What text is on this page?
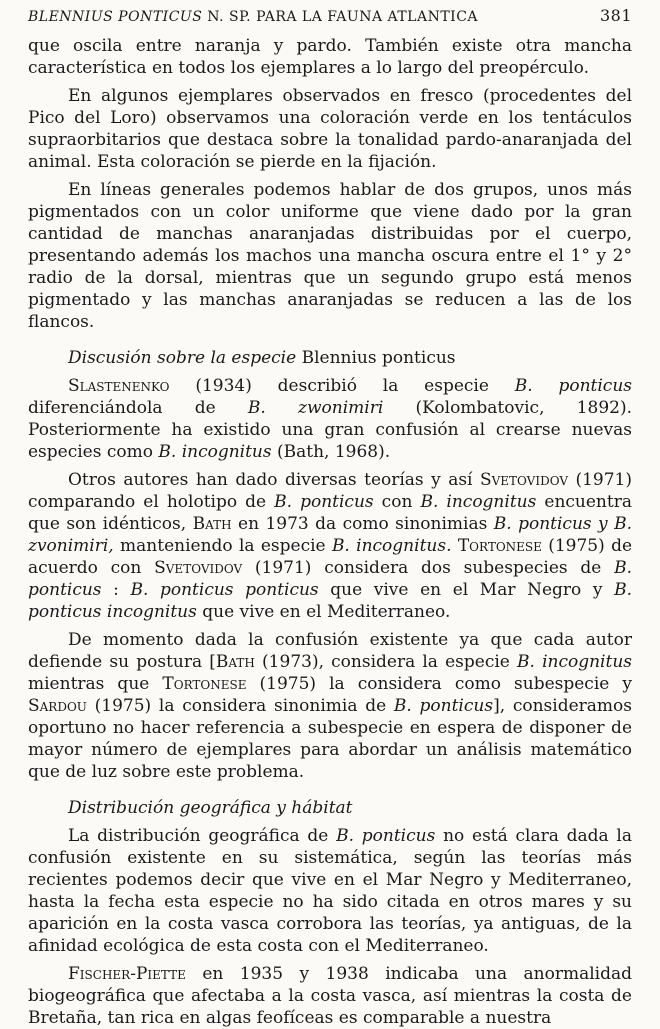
BLENNIUS PONTICUS N. SP. PARA LA FAUNA ATLANTICA	381

que oscila entre naranja y pardo. También existe otra mancha característica en todos los ejemplares a lo largo del preopérculo.

En algunos ejemplares observados en fresco (procedentes del Pico del Loro) observamos una coloración verde en los tentáculos supraorbitarios que destaca sobre la tonalidad pardo-anaranjada del animal. Esta coloración se pierde en la fijación.

En líneas generales podemos hablar de dos grupos, unos más pigmentados con un color uniforme que viene dado por la gran cantidad de manchas anaranjadas distribuidas por el cuerpo, presentando además los machos una mancha oscura entre el 1° y 2° radio de la dorsal, mientras que un segundo grupo está menos pigmentado y las manchas anaranjadas se reducen a las de los flancos.

Discusión sobre la especie Blennius ponticus

Slastenenko (1934) describió la especie B. ponticus diferenciándola de B. zwonimiri (Kolombatovic, 1892). Posteriormente ha existido una gran confusión al crearse nuevas especies como B. incognitus (Bath, 1968).

Otros autores han dado diversas teorías y así Svetovidov (1971) comparando el holotipo de B. ponticus con B. incognitus encuentra que son idénticos, Bath en 1973 da como sinonimias B. ponticus y B. zvonimiri, manteniendo la especie B. incognitus. Tortonese (1975) de acuerdo con Svetovidov (1971) considera dos subespecies de B. ponticus : B. ponticus ponticus que vive en el Mar Negro y B. ponticus incognitus que vive en el Mediterraneo.

De momento dada la confusión existente ya que cada autor defiende su postura [Bath (1973), considera la especie B. incognitus mientras que Tortonese (1975) la considera como subespecie y Sardou (1975) la considera sinonimia de B. ponticus], consideramos oportuno no hacer referencia a subespecie en espera de disponer de mayor número de ejemplares para abordar un análisis matemático que de luz sobre este problema.

Distribución geográfica y hábitat

La distribución geográfica de B. ponticus no está clara dada la confusión existente en su sistemática, según las teorías más recientes podemos decir que vive en el Mar Negro y Mediterraneo, hasta la fecha esta especie no ha sido citada en otros mares y su aparición en la costa vasca corrobora las teorías, ya antiguas, de la afinidad ecológica de esta costa con el Mediterraneo.

Fischer-Piette en 1935 y 1938 indicaba una anormalidad biogeográfica que afectaba a la costa vasca, así mientras la costa de Bretaña, tan rica en algas feofíceas es comparable a nuestra
